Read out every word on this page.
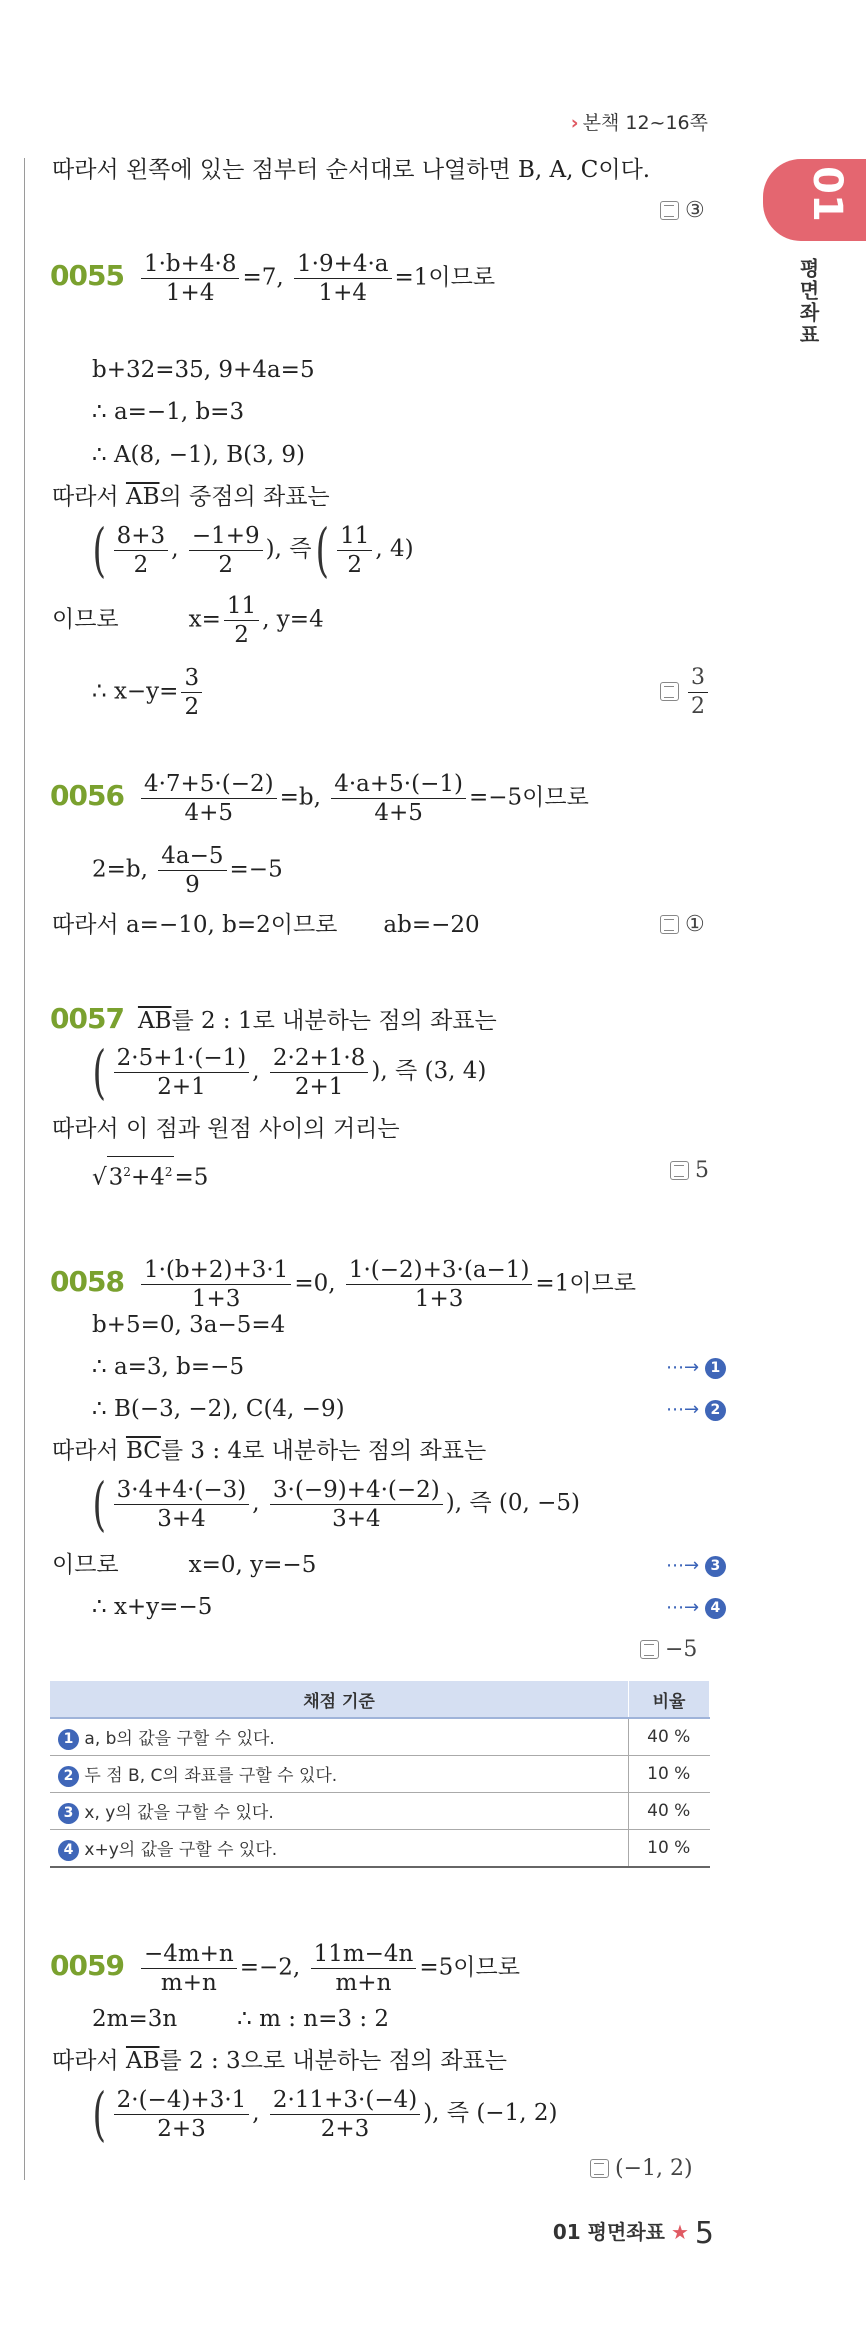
› 본책 12~16쪽
01
평면좌표
따라서 왼쪽에 있는 점부터 순서대로 나열하면 B, A, C이다.
③
$0055 \frac{1\cdot b+4\cdot 8}{1+4} =7$, $\frac{1\cdot 9+4\cdot a}{1+4} =1$이므로
b+32=35, 9+4a=5
∴ a=−1, b=3
∴ A(8, −1), B(3, 9)
따라서 $\overline{AB}$의 중점의 좌표는
( $\frac{8+3}{2}$ , $\frac{-1+9}{2}$ ), 즉( $\frac{11}{2}$ , 4)
이므로	$x= \frac{11}{2}$ , y=4
∴ $x-y= \frac{3}{2}$	$\frac{3}{2}$
$0056 \frac{4\cdot 7+5\cdot(-2)}{4+5} =b$, $\frac{4\cdot a+5\cdot(-1)}{4+5} =-5$이므로
2=b, $\frac{4a-5}{9} =-5$
따라서 a=−10, b=2이므로 ab=−20	①
0057 $\overline{AB}$를 2 : 1로 내분하는 점의 좌표는
( $\frac{2\cdot 5+1\cdot(-1)}{2+1}$ , $\frac{2\cdot 2+1\cdot 8}{2+1}$ ), 즉 (3, 4)
따라서 이 점과 원점 사이의 거리는
$√3^2+4^2=5$	5
$0058 \frac{1\cdot(b+2)+3\cdot 1}{1+3} =0$, $\frac{1\cdot(-2)+3\cdot(a-1)}{1+3} =1$이므로
b+5=0, 3a−5=4
∴ a=3, b=−5
∴ B(−3, −2), C(4, −9)
따라서 $\overline{BC}$를 3 : 4로 내분하는 점의 좌표는
( $\frac{3\cdot 4+4\cdot(-3)}{3+4}$ , $\frac{3\cdot(-9)+4\cdot(-2)}{3+4}$ ), 즉 (0, −5)
이므로	x=0, y=−5
∴ x+y=−5
⋯→ 1
⋯→ 2
⋯→ 3
⋯→ 4
−5
채점 기준	비율
1 a, b의 값을 구할 수 있다.	40 %
2 두 점 B, C의 좌표를 구할 수 있다.	10 %
3 x, y의 값을 구할 수 있다.	40 %
4 x+y의 값을 구할 수 있다.	10 %
$0059 \frac{-4m+n}{m+n} =-2$, $\frac{11m-4n}{m+n} =5$이므로
2m=3n	∴ m : n=3 : 2
따라서 $\overline{AB}$를 2 : 3으로 내분하는 점의 좌표는
( $\frac{2\cdot(-4)+3\cdot 1}{2+3}$ , $\frac{2\cdot 11+3\cdot(-4)}{2+3}$ ), 즉 (−1, 2)
(−1, 2)
01 평면좌표 ★ 5
